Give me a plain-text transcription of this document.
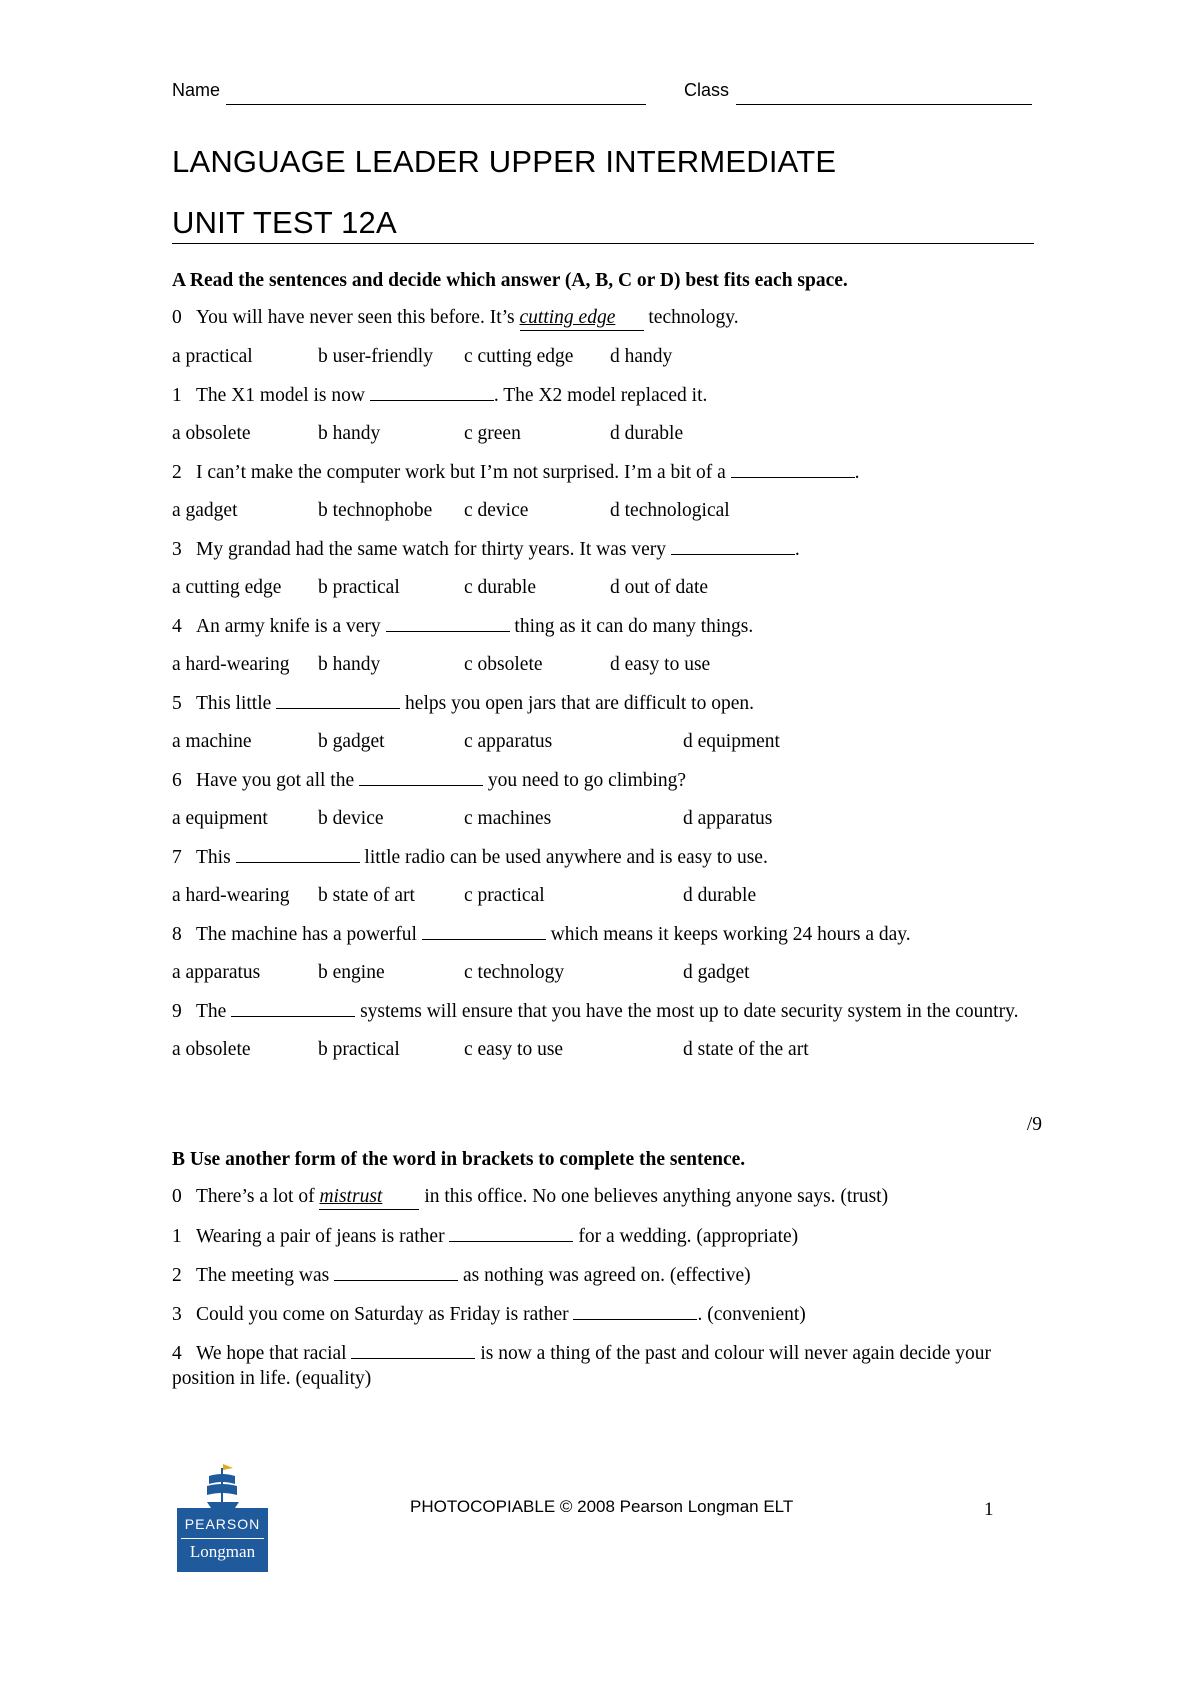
Name	Class
LANGUAGE LEADER UPPER INTERMEDIATE
UNIT TEST 12A
A Read the sentences and decide which answer (A, B, C or D) best fits each space.
0 You will have never seen this before. It’s cutting edge technology.
a practical	b user-friendly c cutting edge d handy
1 The X1 model is now	. The X2 model replaced it.
a obsolete	b handy	c green	d durable
2 I can’t make the computer work but I’m not surprised. I’m a bit of a	.
a gadget	b technophobe c device	d technological
3 My grandad had the same watch for thirty years. It was very	.
a cutting edge b practical	c durable	d out of date
4 An army knife is a very	thing as it can do many things.
a hard-wearing b handy	c obsolete	d easy to use
5 This little	helps you open jars that are difficult to open.
a machine	b gadget	c apparatus	d equipment
6 Have you got all the	you need to go climbing?
a equipment	b device	c machines	d apparatus
7 This	little radio can be used anywhere and is easy to use.
a hard-wearing b state of art	c practical	d durable
8 The machine has a powerful	which means it keeps working 24 hours a day.
a apparatus	b engine	c technology	d gadget
9 The	systems will ensure that you have the most up to date security system in the country.
a obsolete	b practical	c easy to use	d state of the art
/9
B Use another form of the word in brackets to complete the sentence.
0 There’s a lot of mistrust in this office. No one believes anything anyone says. (trust)
1 Wearing a pair of jeans is rather	for a wedding. (appropriate)
2 The meeting was	as nothing was agreed on. (effective)
3 Could you come on Saturday as Friday is rather	. (convenient)
4 We hope that racial	is now a thing of the past and colour will never again decide your position in life. (equality)
PEARSON
Longman
PHOTOCOPIABLE © 2008 Pearson Longman ELT	1
